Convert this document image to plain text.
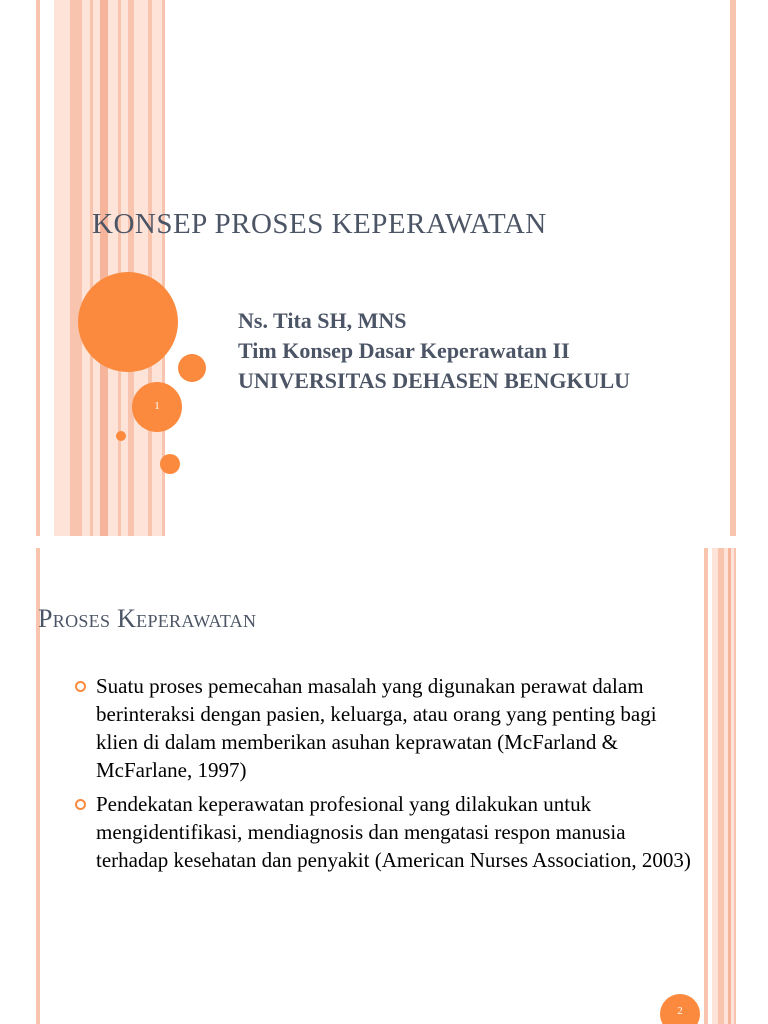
1
KONSEP PROSES KEPERAWATAN
Ns. Tita SH, MNS
Tim Konsep Dasar Keperawatan II
UNIVERSITAS DEHASEN BENGKULU
2
Proses Keperawatan
Suatu proses pemecahan masalah yang digunakan perawat dalam berinteraksi dengan pasien, keluarga, atau orang yang penting bagi klien di dalam memberikan asuhan keprawatan (McFarland & McFarlane, 1997)
Pendekatan keperawatan profesional yang dilakukan untuk mengidentifikasi, mendiagnosis dan mengatasi respon manusia terhadap kesehatan dan penyakit (American Nurses Association, 2003)
